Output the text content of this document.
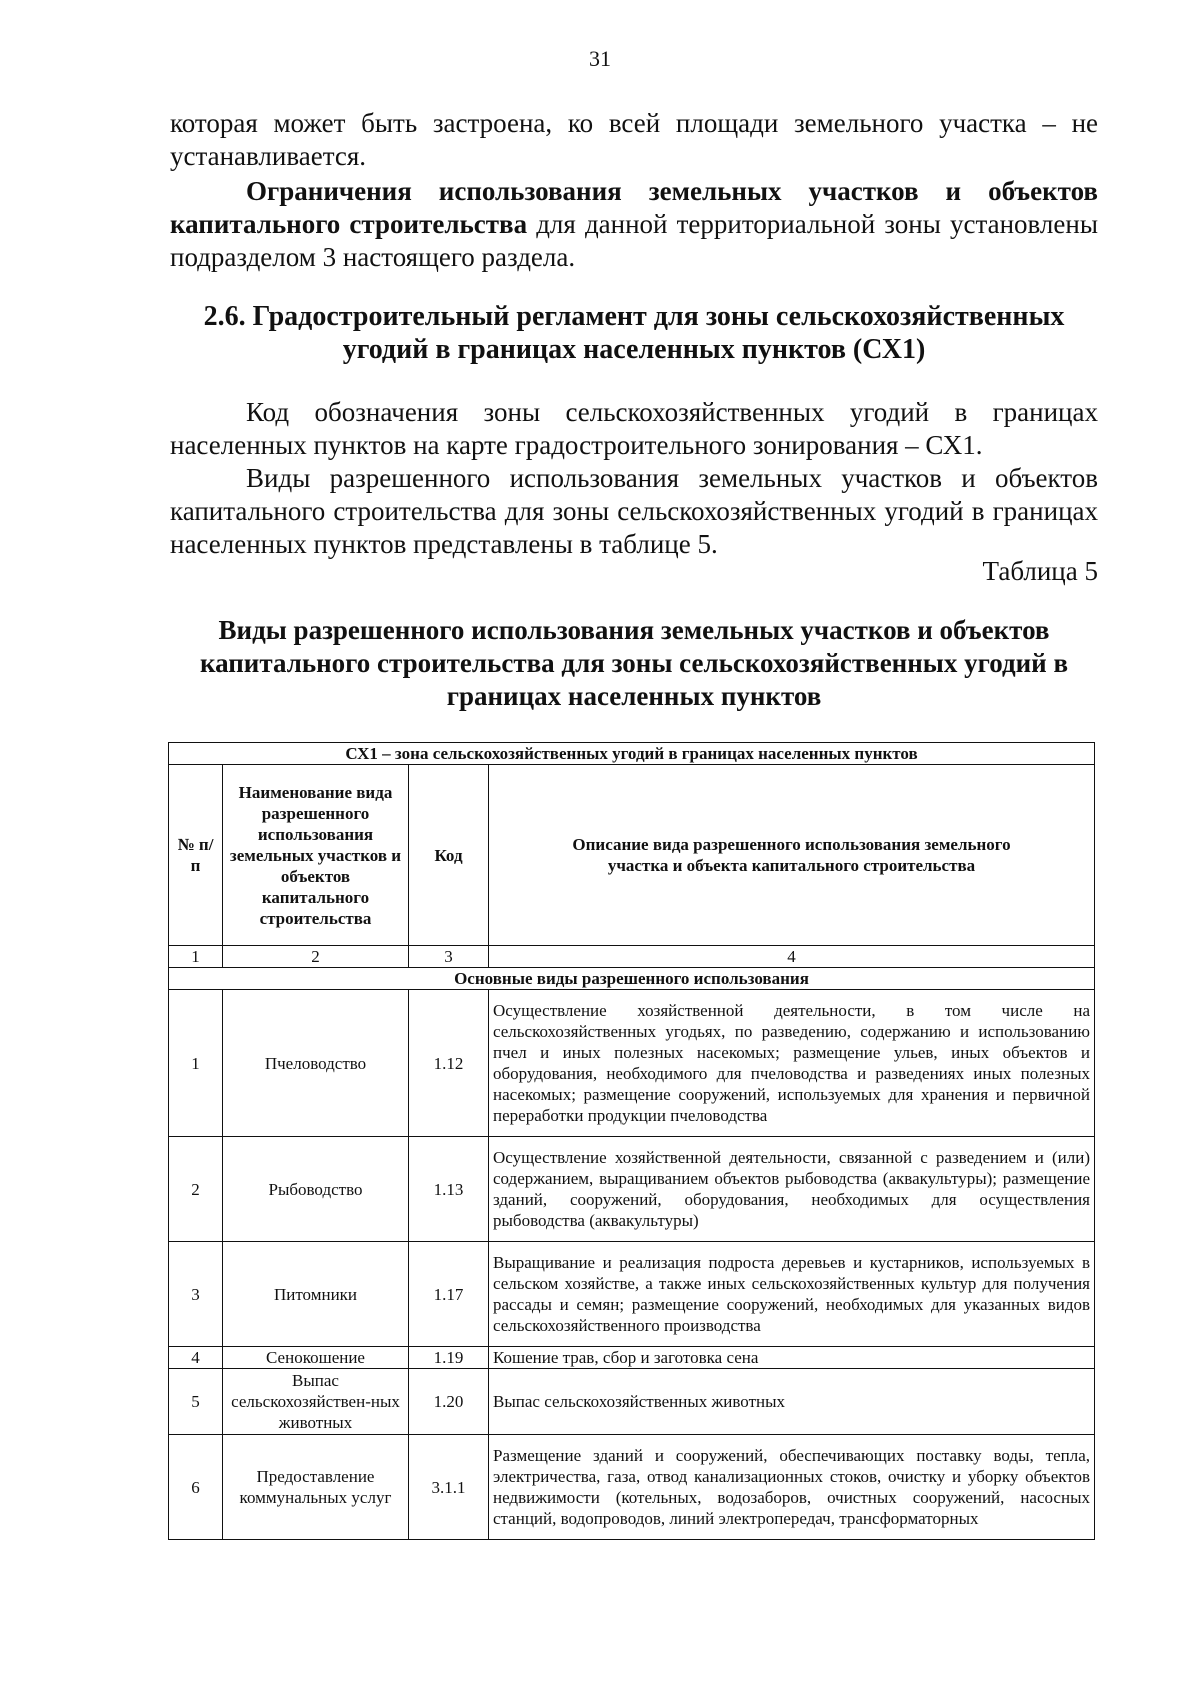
31
которая может быть застроена, ко всей площади земельного участка – не устанавливается.
Ограничения использования земельных участков и объектов капитального строительства для данной территориальной зоны установлены подразделом 3 настоящего раздела.
2.6. Градостроительный регламент для зоны сельскохозяйственных
угодий в границах населенных пунктов (СХ1)
Код обозначения зоны сельскохозяйственных угодий в границах населенных пунктов на карте градостроительного зонирования – СХ1.
Виды разрешенного использования земельных участков и объектов капитального строительства для зоны сельскохозяйственных угодий в границах населенных пунктов представлены в таблице 5.
Таблица 5
Виды разрешенного использования земельных участков и объектов
капитального строительства для зоны сельскохозяйственных угодий в
границах населенных пунктов
СХ1 – зона сельскохозяйственных угодий в границах населенных пунктов			
№ п/п	Наименование вида разрешенного использования земельных участков и объектов капитального строительства	Код	Описание вида разрешенного использования земельного участка и объекта капитального строительства
1	2	3	4
Основные виды разрешенного использования			
1	Пчеловодство	1.12	Осуществление хозяйственной деятельности, в том числе на сельскохозяйственных угодьях, по разведению, содержанию и использованию пчел и иных полезных насекомых; размещение ульев, иных объектов и оборудования, необходимого для пчеловодства и разведениях иных полезных насекомых; размещение сооружений, используемых для хранения и первичной переработки продукции пчеловодства
2	Рыбоводство	1.13	Осуществление хозяйственной деятельности, связанной с разведением и (или) содержанием, выращиванием объектов рыбоводства (аквакультуры); размещение зданий, сооружений, оборудования, необходимых для осуществления рыбоводства (аквакультуры)
3	Питомники	1.17	Выращивание и реализация подроста деревьев и кустарников, используемых в сельском хозяйстве, а также иных сельскохозяйственных культур для получения рассады и семян; размещение сооружений, необходимых для указанных видов сельскохозяйственного производства
4	Сенокошение	1.19	Кошение трав, сбор и заготовка сена
5	Выпас сельскохозяйствен-ных животных	1.20	Выпас сельскохозяйственных животных
6	Предоставление коммунальных услуг	3.1.1	Размещение зданий и сооружений, обеспечивающих поставку воды, тепла, электричества, газа, отвод канализационных стоков, очистку и уборку объектов недвижимости (котельных, водозаборов, очистных сооружений, насосных станций, водопроводов, линий электропередач, трансформаторных
